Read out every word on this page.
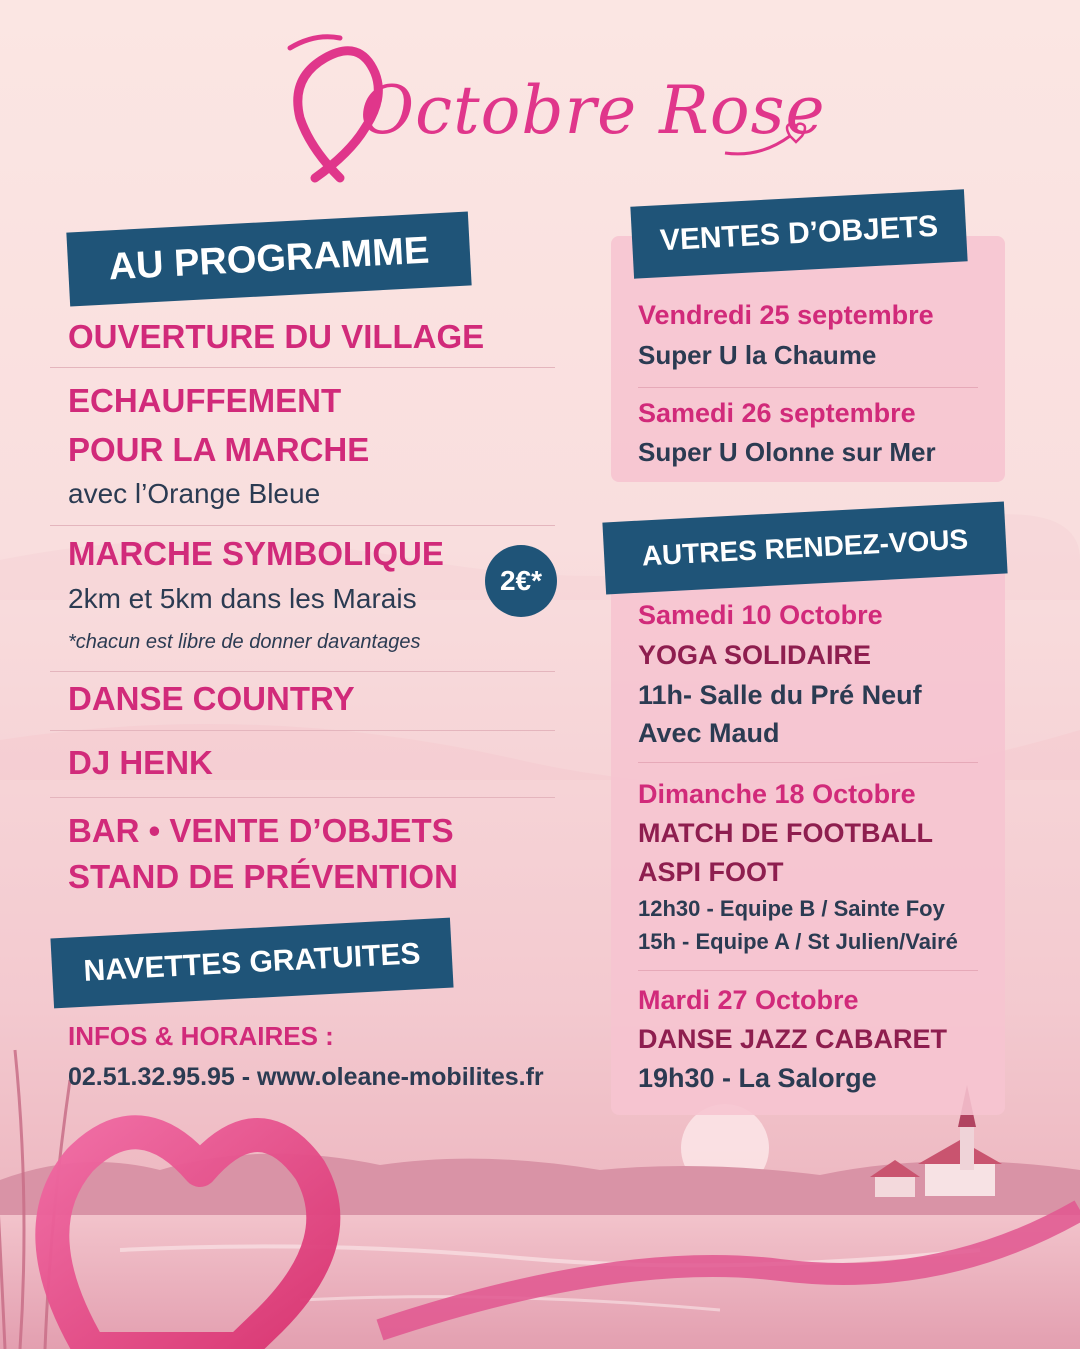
Octobre Rose
AU PROGRAMME
OUVERTURE DU VILLAGE
ECHAUFFEMENT
POUR LA MARCHE
avec l’Orange Bleue
MARCHE SYMBOLIQUE
2km et 5km dans les Marais
*chacun est libre de donner davantages
2€*
DANSE COUNTRY
DJ HENK
BAR • VENTE D’OBJETS
STAND DE PRÉVENTION
NAVETTES GRATUITES
INFOS & HORAIRES :
02.51.32.95.95 - www.oleane-mobilites.fr
VENTES D’OBJETS
Vendredi 25 septembre
Super U la Chaume
Samedi 26 septembre
Super U Olonne sur Mer
AUTRES RENDEZ-VOUS
Samedi 10 Octobre
YOGA SOLIDAIRE
11h- Salle du Pré Neuf
Avec Maud
Dimanche 18 Octobre
MATCH DE FOOTBALL
ASPI FOOT
12h30 - Equipe B / Sainte Foy
15h - Equipe A / St Julien/Vairé
Mardi 27 Octobre
DANSE JAZZ CABARET
19h30 - La Salorge
